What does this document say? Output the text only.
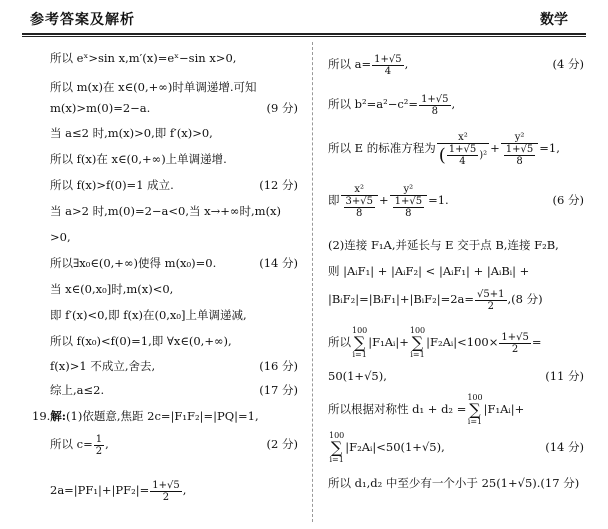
参考答案及解析	数学
所以 eˣ>sin x,m′(x)=eˣ−sin x>0,
所以 m(x)在 x∈(0,+∞)时单调递增.可知
m(x)>m(0)=2−a.	(9 分)
当 a≤2 时,m(x)>0,即 f′(x)>0,
所以 f(x)在 x∈(0,+∞)上单调递增.
所以 f(x)>f(0)=1 成立.	(12 分)
当 a>2 时,m(0)=2−a<0,当 x→+∞时,m(x)
>0,
所以∃x₀∈(0,+∞)使得 m(x₀)=0.	(14 分)
当 x∈(0,x₀]时,m(x)<0,
即 f′(x)<0,即 f(x)在(0,x₀]上单调递减,
所以 f(x₀)<f(0)=1,即 ∀x∈(0,+∞),
f(x)>1 不成立,舍去,	(16 分)
综上,a≤2.	(17 分)
19.解:(1)依题意,焦距 2c=|F₁F₂|=|PQ|=1,
所以 $c= \frac{1}{2}$ ,	(2 分)
$2a=|PF_1|+|PF_2|= \frac{1+√5}{2}$ ,
所以 $a= \frac{1+√5}{4}$ ,	(4 分)
所以 $b^2=a^2-c^2= \frac{1+√5}{8}$ ,
所以 E 的标准方程为 $\frac{\text{x²}}{( \frac{1+√5}{4} )^2} + \frac{\text{y²}}{\frac{1+√5}{8}} =1$,
即 $\frac{\text{x²}}{\frac{3+√5}{8}} + \frac{\text{y²}}{\frac{1+√5}{8}} =1$.	(6 分)
(2)连接 F₁A,并延长与 E 交于点 B,连接 F₂B,
则 |AᵢF₁| + |AᵢF₂| < |AᵢF₁| + |AᵢBᵢ| +
|BᵢF₂|=|BᵢF₁|+|BᵢF₂|=2a= $\frac{√5+1}{2} ,(8$ 分)
所以100
∑
i=1|F₁Aᵢ|+100
∑
i=1|F₂Aᵢ|<100× $\frac{1+√5}{2}$ =
50(1+√5),	(11 分)
所以根据对称性 d₁ + d₂ =100
∑
i=1|F₁Aᵢ|+
100
∑
i=1|F₂Aᵢ|<50(1+√5),	(14 分)
所以 d₁,d₂ 中至少有一个小于 25(1+√5).(17 分)
